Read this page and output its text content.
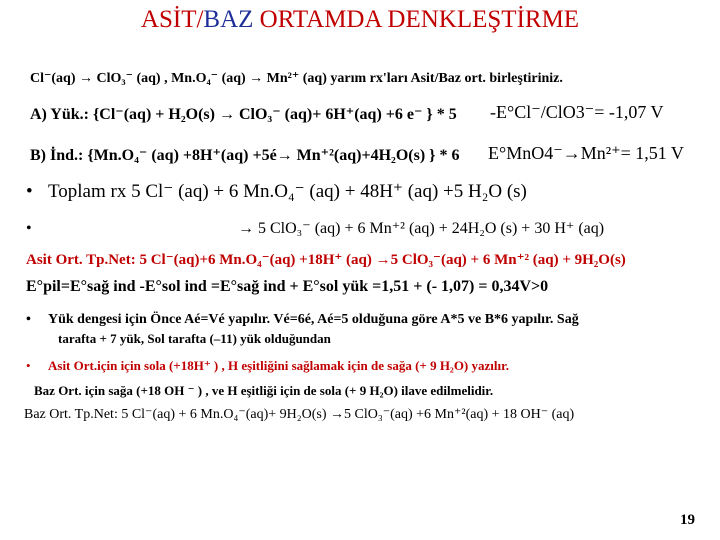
ASİT/BAZ ORTAMDA DENKLEŞTİRME
Cl⁻(aq) → ClO₃⁻ (aq) , Mn.O₄⁻ (aq) → Mn²⁺ (aq) yarım rx'ları Asit/Baz ort. birleştiriniz.
A) Yük.: {Cl⁻(aq) + H₂O(s) → ClO₃⁻ (aq)+ 6H⁺(aq) +6 e⁻ } * 5 -E°Cl⁻/ClO3⁻= -1,07 V
B) İnd.: {Mn.O₄⁻ (aq) +8H⁺(aq) +5é→ Mn⁺²(aq)+4H₂O(s) } * 6 E°MnO4⁻→Mn²⁺= 1,51 V
• Toplam rx 5 Cl⁻ (aq) + 6 Mn.O₄⁻ (aq) + 48H⁺ (aq) +5 H₂O (s)
•	→ 5 ClO₃⁻ (aq) + 6 Mn⁺² (aq) + 24H₂O (s) + 30 H⁺ (aq)
Asit Ort. Tp.Net: 5 Cl⁻(aq)+6 Mn.O₄⁻(aq) +18H⁺ (aq) →5 ClO₃⁻(aq) + 6 Mn⁺² (aq) + 9H₂O(s)
E°pil=E°sağ ind -E°sol ind =E°sağ ind + E°sol yük =1,51 + (- 1,07) = 0,34V>0
• Yük dengesi için Önce Aé=Vé yapılır. Vé=6é, Aé=5 olduğuna göre A*5 ve B*6 yapılır. Sağ
tarafta + 7 yük, Sol tarafta (–11) yük olduğundan
• Asit Ort.için için sola (+18H⁺ ) , H eşitliğini sağlamak için de sağa (+ 9 H₂O) yazılır.
Baz Ort. için sağa (+18 OH ⁻ ) , ve H eşitliği için de sola (+ 9 H₂O) ilave edilmelidir.
Baz Ort. Tp.Net: 5 Cl⁻(aq) + 6 Mn.O₄⁻(aq)+ 9H₂O(s) →5 ClO₃⁻(aq) +6 Mn⁺²(aq) + 18 OH⁻ (aq)
19
